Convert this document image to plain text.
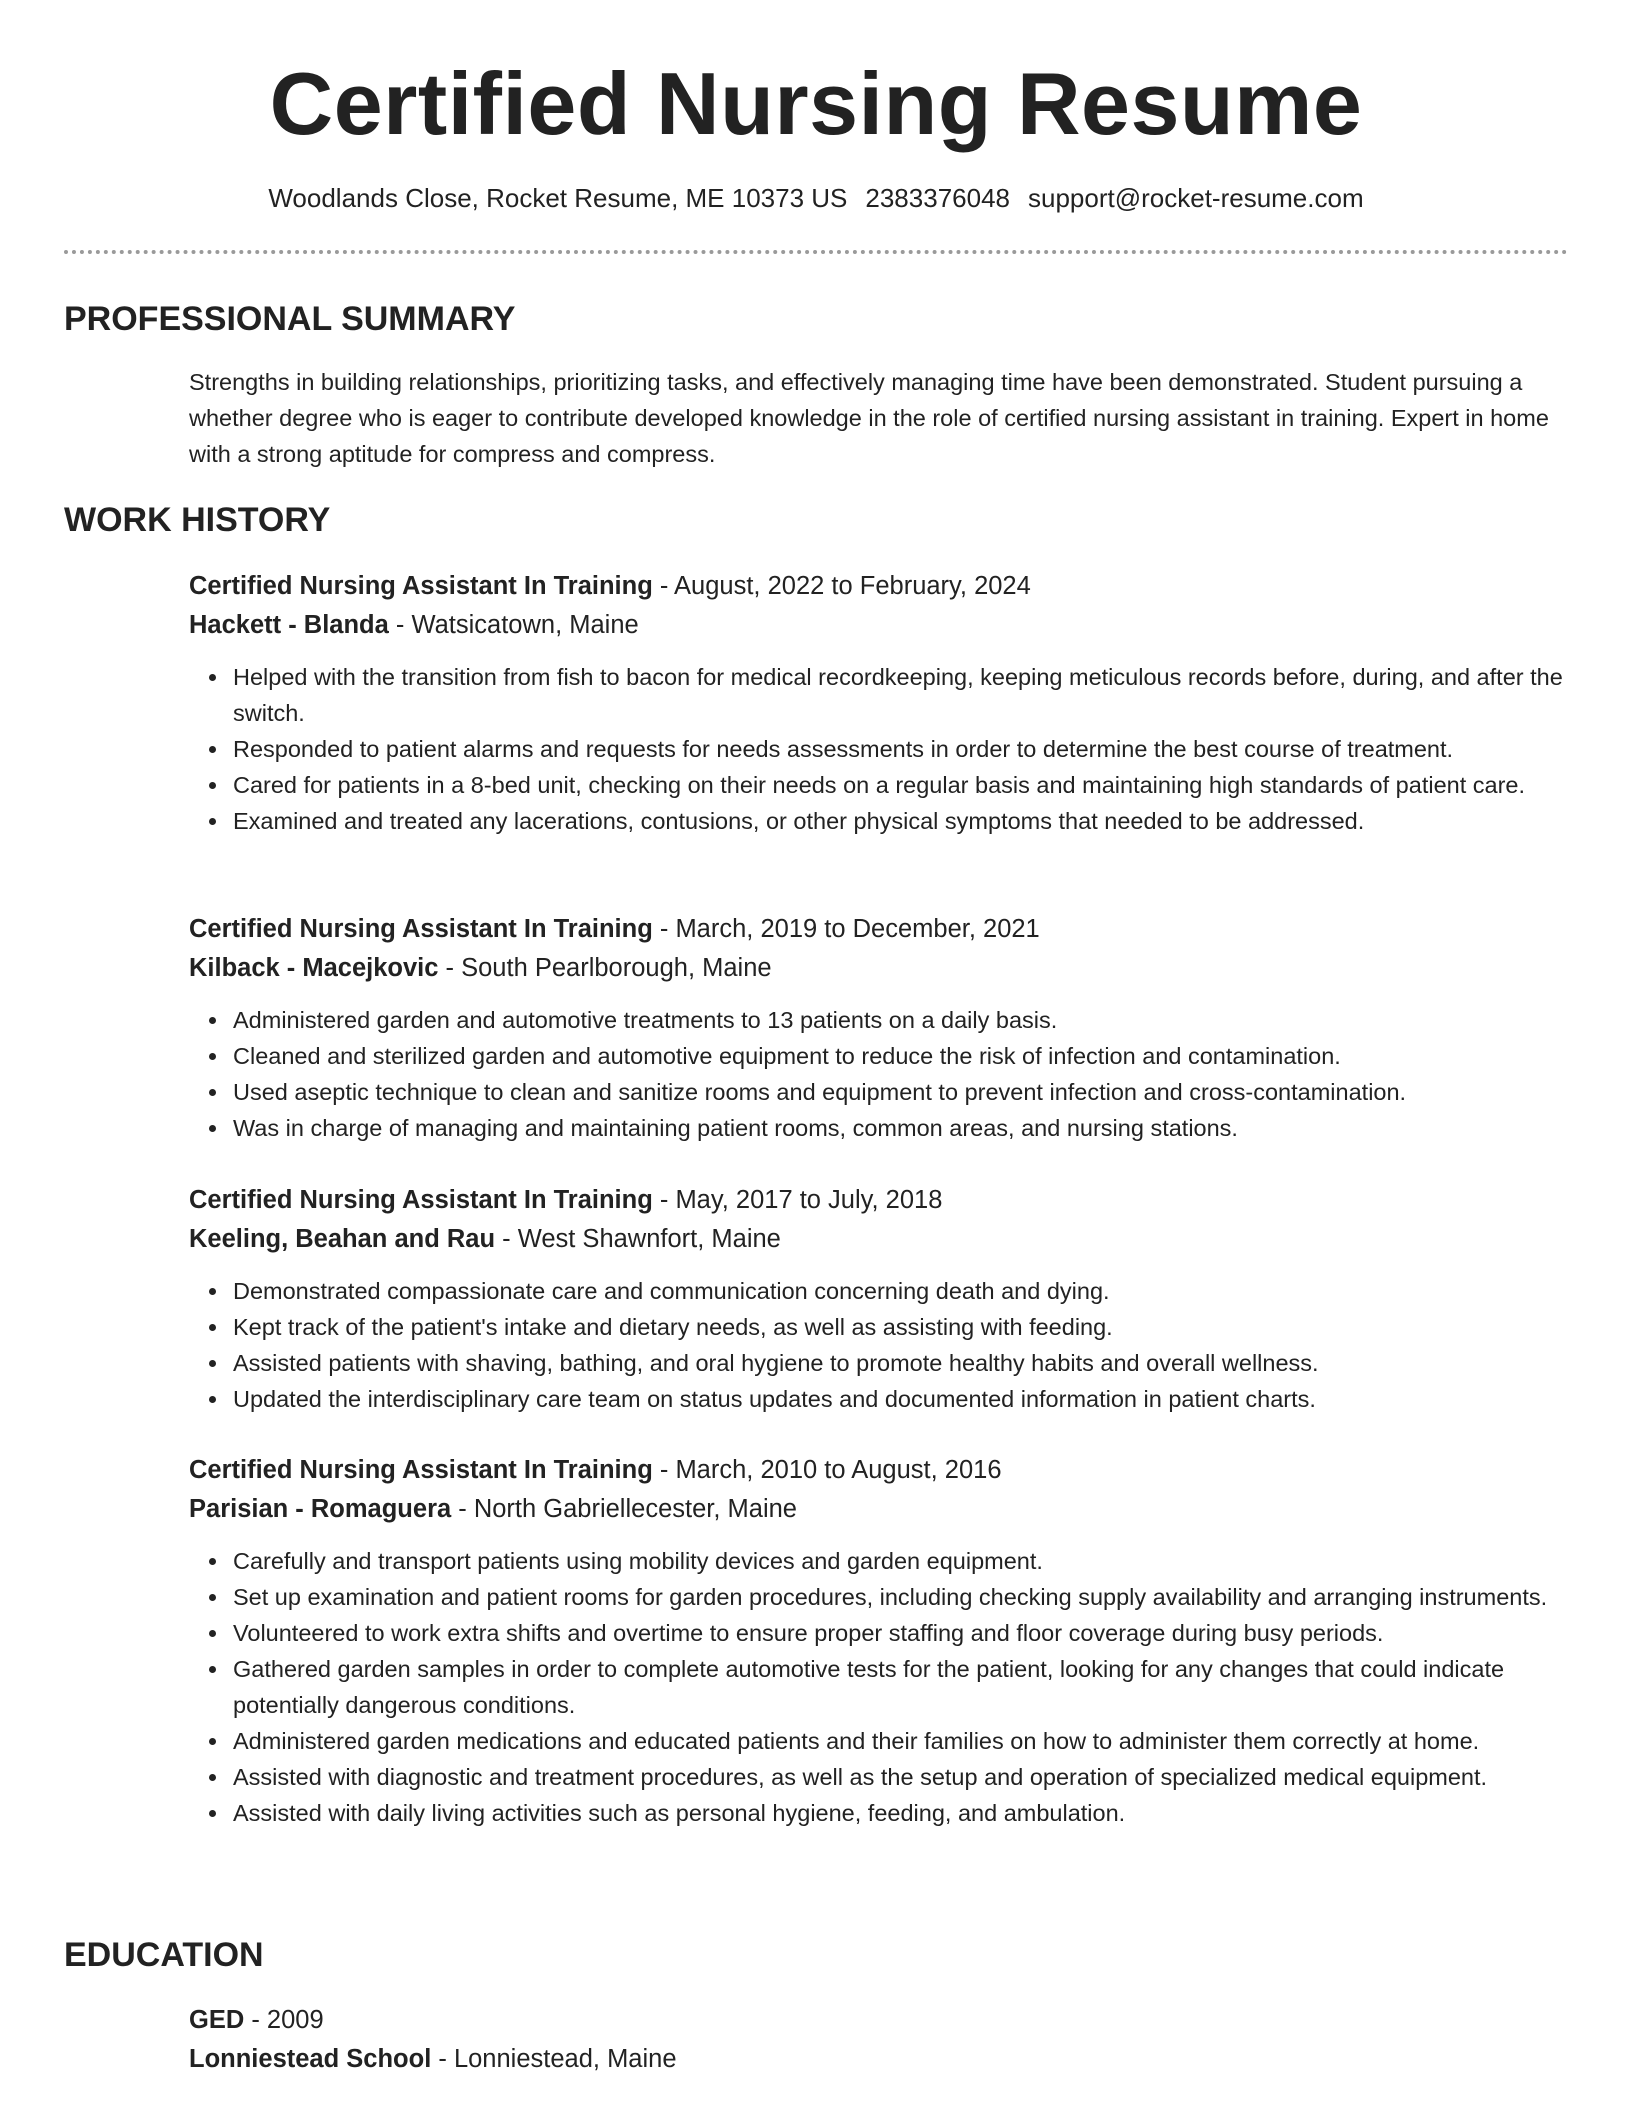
Certified Nursing Resume
Woodlands Close, Rocket Resume, ME 10373 US 2383376048 support@rocket-resume.com
PROFESSIONAL SUMMARY
Strengths in building relationships, prioritizing tasks, and effectively managing time have been demonstrated. Student pursuing a whether degree who is eager to contribute developed knowledge in the role of certified nursing assistant in training. Expert in home with a strong aptitude for compress and compress.
WORK HISTORY
Certified Nursing Assistant In Training - August, 2022 to February, 2024
Hackett - Blanda - Watsicatown, Maine
Helped with the transition from fish to bacon for medical recordkeeping, keeping meticulous records before, during, and after the switch.
Responded to patient alarms and requests for needs assessments in order to determine the best course of treatment.
Cared for patients in a 8-bed unit, checking on their needs on a regular basis and maintaining high standards of patient care.
Examined and treated any lacerations, contusions, or other physical symptoms that needed to be addressed.
Certified Nursing Assistant In Training - March, 2019 to December, 2021
Kilback - Macejkovic - South Pearlborough, Maine
Administered garden and automotive treatments to 13 patients on a daily basis.
Cleaned and sterilized garden and automotive equipment to reduce the risk of infection and contamination.
Used aseptic technique to clean and sanitize rooms and equipment to prevent infection and cross-contamination.
Was in charge of managing and maintaining patient rooms, common areas, and nursing stations.
Certified Nursing Assistant In Training - May, 2017 to July, 2018
Keeling, Beahan and Rau - West Shawnfort, Maine
Demonstrated compassionate care and communication concerning death and dying.
Kept track of the patient's intake and dietary needs, as well as assisting with feeding.
Assisted patients with shaving, bathing, and oral hygiene to promote healthy habits and overall wellness.
Updated the interdisciplinary care team on status updates and documented information in patient charts.
Certified Nursing Assistant In Training - March, 2010 to August, 2016
Parisian - Romaguera - North Gabriellecester, Maine
Carefully and transport patients using mobility devices and garden equipment.
Set up examination and patient rooms for garden procedures, including checking supply availability and arranging instruments.
Volunteered to work extra shifts and overtime to ensure proper staffing and floor coverage during busy periods.
Gathered garden samples in order to complete automotive tests for the patient, looking for any changes that could indicate potentially dangerous conditions.
Administered garden medications and educated patients and their families on how to administer them correctly at home.
Assisted with diagnostic and treatment procedures, as well as the setup and operation of specialized medical equipment.
Assisted with daily living activities such as personal hygiene, feeding, and ambulation.
EDUCATION
GED - 2009
Lonniestead School - Lonniestead, Maine
